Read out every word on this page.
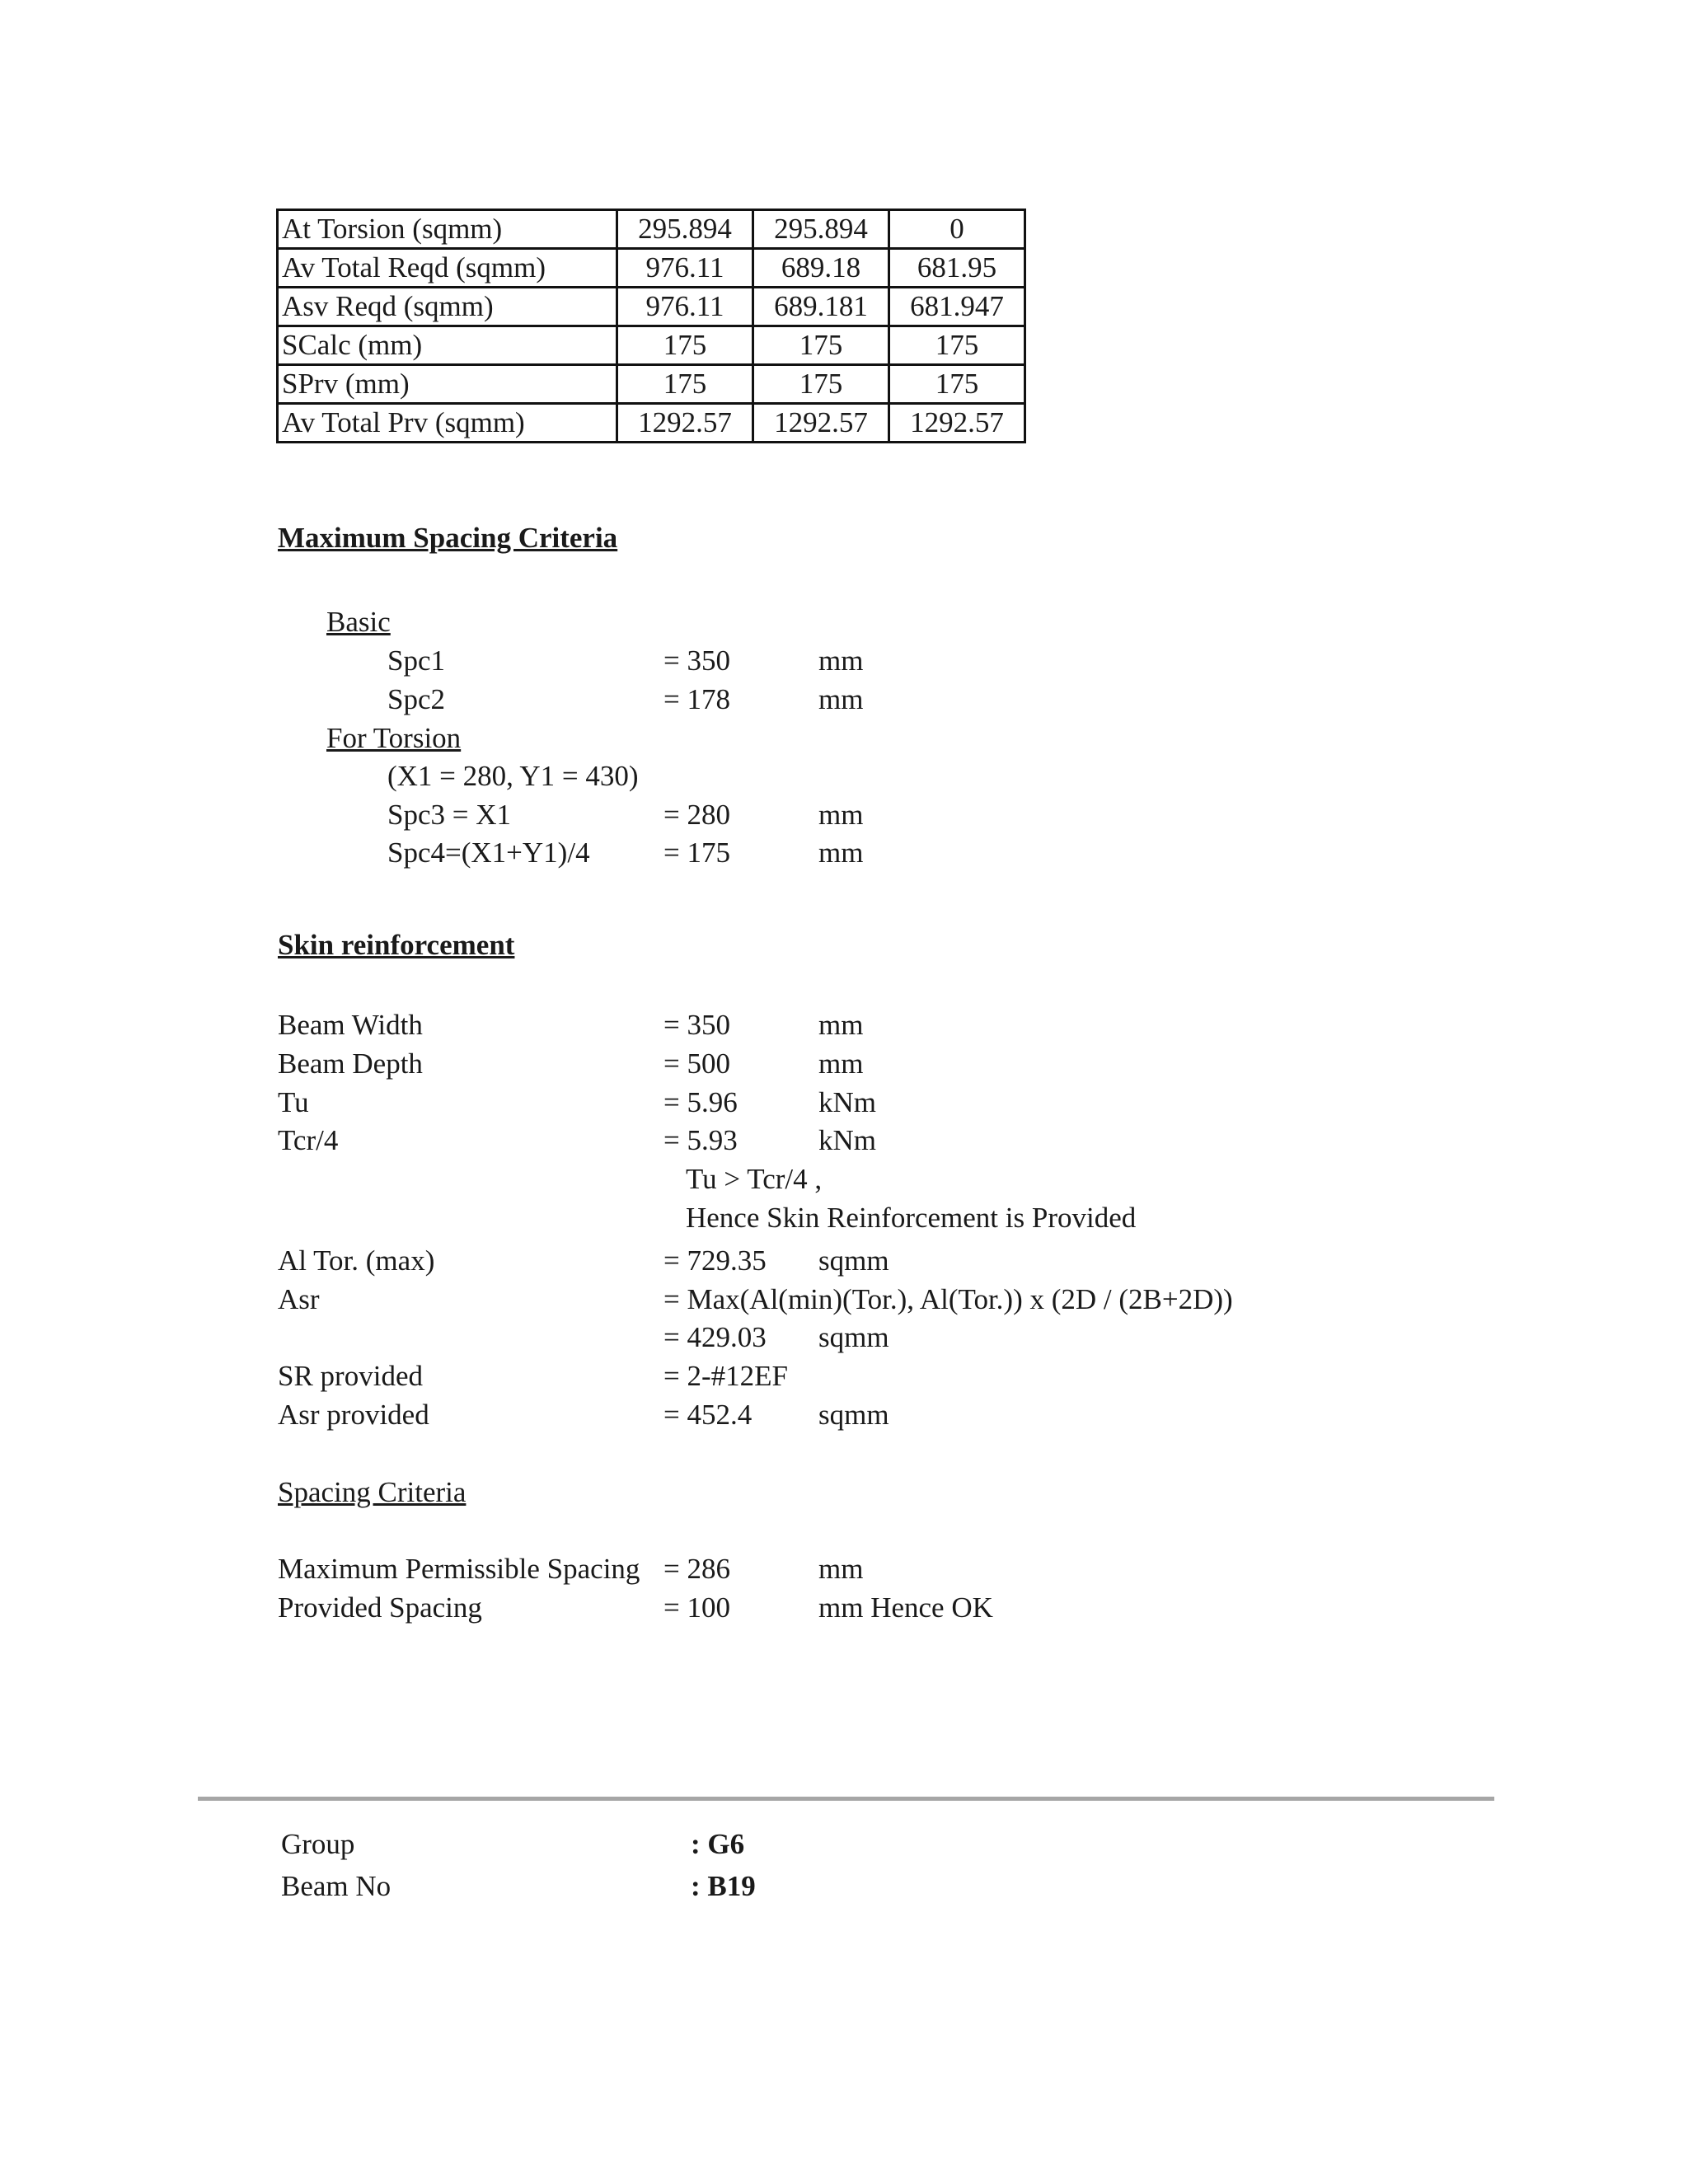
At Torsion (sqmm)	295.894	295.894	0
Av Total Reqd (sqmm)	976.11	689.18	681.95
Asv Reqd (sqmm)	976.11	689.181	681.947
SCalc (mm)	175	175	175
SPrv (mm)	175	175	175
Av Total Prv (sqmm)	1292.57	1292.57	1292.57
Maximum Spacing Criteria
Basic
Spc1	= 350	mm
Spc2	= 178	mm
For Torsion
(X1 = 280, Y1 = 430)
Spc3 = X1	= 280	mm
Spc4=(X1+Y1)/4	= 175	mm
Skin reinforcement
Beam Width	= 350	mm
Beam Depth	= 500	mm
Tu	= 5.96	kNm
Tcr/4	= 5.93	kNm
Tu > Tcr/4 ,
Hence Skin Reinforcement is Provided
Al Tor. (max)	= 729.35 sqmm
Asr	= Max(Al(min)(Tor.), Al(Tor.)) x (2D / (2B+2D))
= 429.03 sqmm
SR provided	= 2-#12EF
Asr provided	= 452.4 sqmm
Spacing Criteria
Maximum Permissible Spacing = 286	mm
Provided Spacing	= 100	mm Hence OK
Group	: G6
Beam No	: B19
